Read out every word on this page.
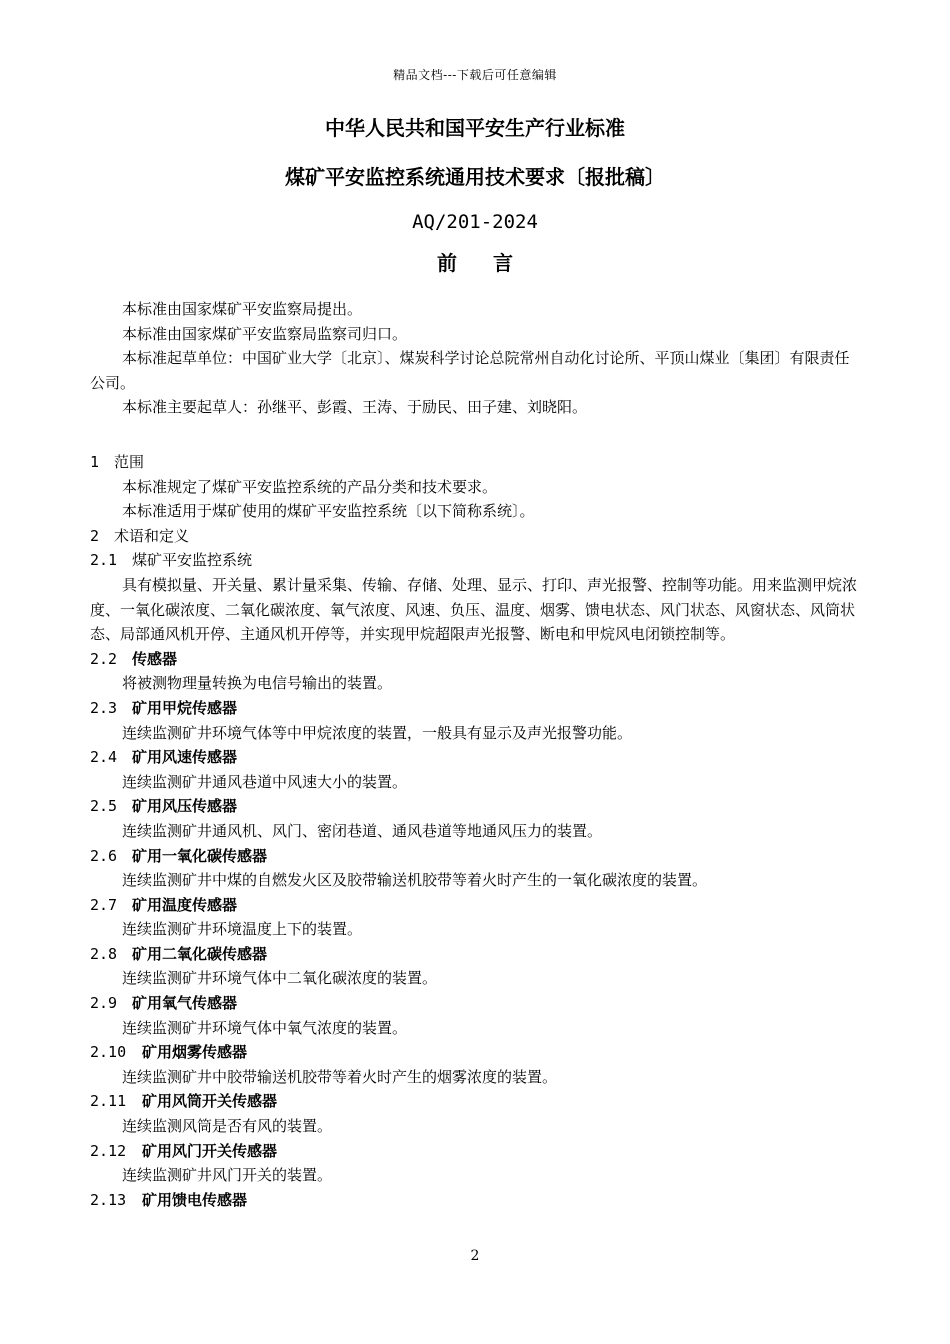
精品文档---下载后可任意编辑
中华人民共和国平安生产行业标准
煤矿平安监控系统通用技术要求〔报批稿〕
AQ/201-2024
前言

本标准由国家煤矿平安监察局提出。

本标准由国家煤矿平安监察局监察司归口。

本标准起草单位：中国矿业大学〔北京〕、煤炭科学讨论总院常州自动化讨论所、平顶山煤业〔集团〕有限责任公司。

本标准主要起草人：孙继平、彭霞、王涛、于励民、田子建、刘晓阳。

1 范围

本标准规定了煤矿平安监控系统的产品分类和技术要求。

本标准适用于煤矿使用的煤矿平安监控系统〔以下简称系统〕。

2 术语和定义

2.1 煤矿平安监控系统

具有模拟量、开关量、累计量采集、传输、存储、处理、显示、打印、声光报警、控制等功能。用来监测甲烷浓度、一氧化碳浓度、二氧化碳浓度、氧气浓度、风速、负压、温度、烟雾、馈电状态、风门状态、风窗状态、风筒状态、局部通风机开停、主通风机开停等，并实现甲烷超限声光报警、断电和甲烷风电闭锁控制等。

2.2 传感器

将被测物理量转换为电信号输出的装置。

2.3 矿用甲烷传感器

连续监测矿井环境气体等中甲烷浓度的装置，一般具有显示及声光报警功能。

2.4 矿用风速传感器

连续监测矿井通风巷道中风速大小的装置。

2.5 矿用风压传感器

连续监测矿井通风机、风门、密闭巷道、通风巷道等地通风压力的装置。

2.6 矿用一氧化碳传感器

连续监测矿井中煤的自燃发火区及胶带输送机胶带等着火时产生的一氧化碳浓度的装置。

2.7 矿用温度传感器

连续监测矿井环境温度上下的装置。

2.8 矿用二氧化碳传感器

连续监测矿井环境气体中二氧化碳浓度的装置。

2.9 矿用氧气传感器

连续监测矿井环境气体中氧气浓度的装置。

2.10 矿用烟雾传感器

连续监测矿井中胶带输送机胶带等着火时产生的烟雾浓度的装置。

2.11 矿用风筒开关传感器

连续监测风筒是否有风的装置。

2.12 矿用风门开关传感器

连续监测矿井风门开关的装置。

2.13 矿用馈电传感器

2
